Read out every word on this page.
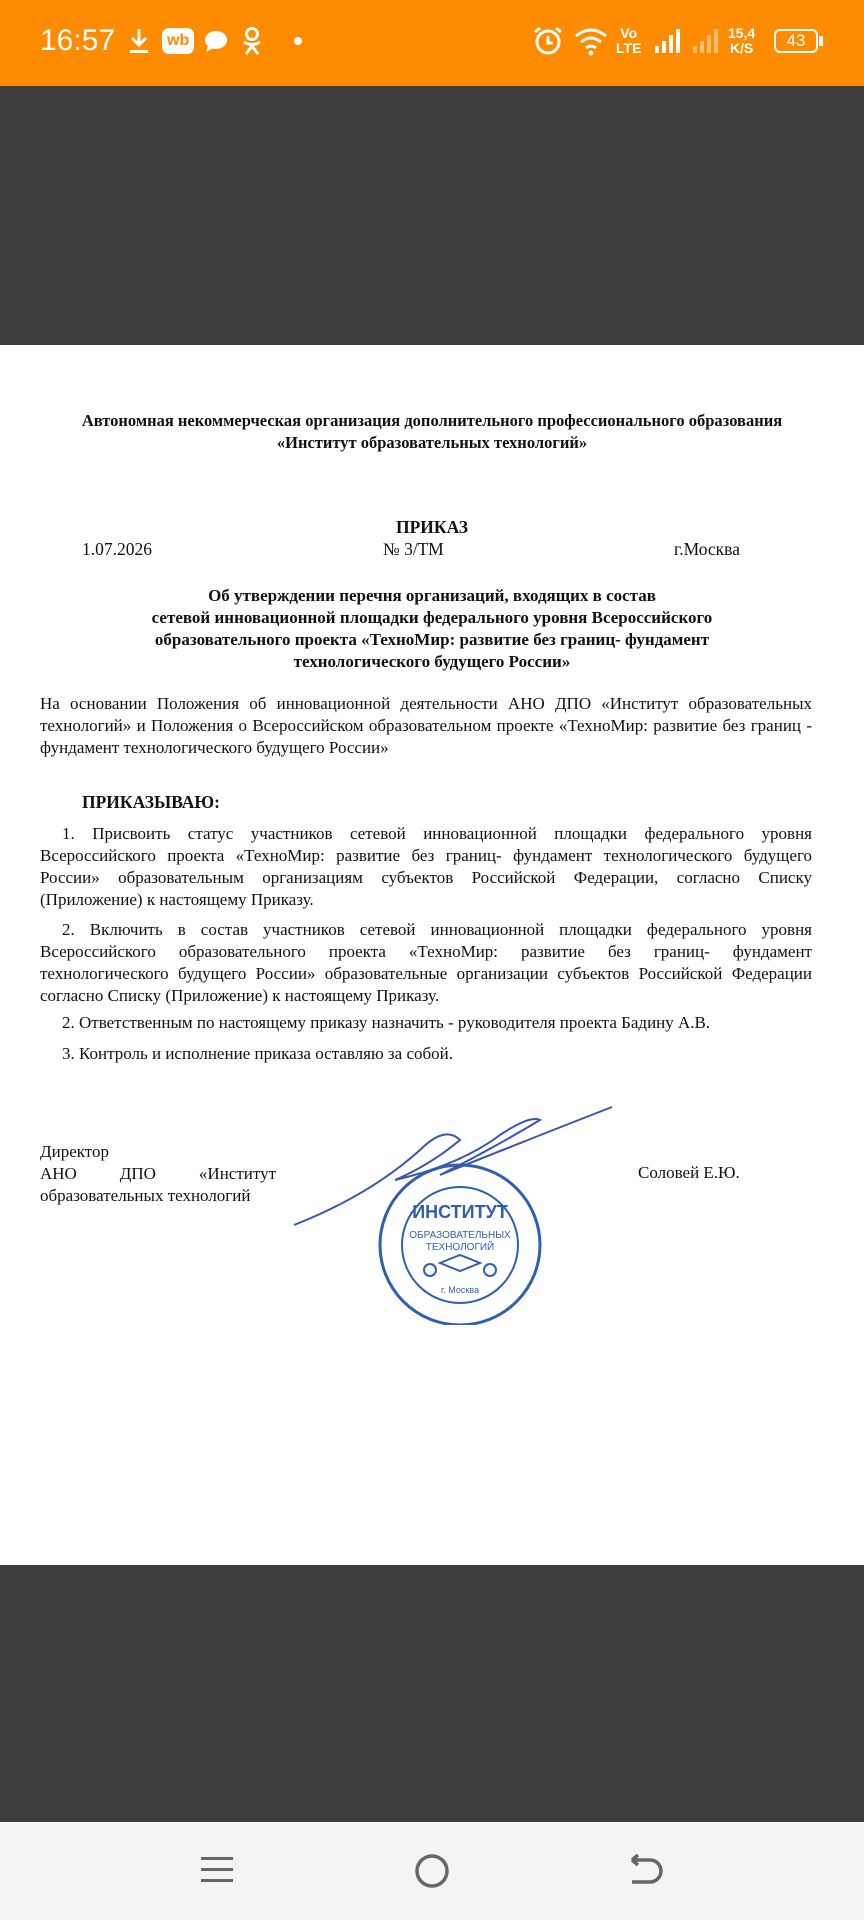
16:57	wb	Vo
LTE
15,4
K/S	43
Автономная некоммерческая организация дополнительного профессионального образования
«Институт образовательных технологий»
ПРИКАЗ
1.07.2026	№ 3/ТМ	г.Москва
Об утверждении перечня организаций, входящих в состав
сетевой инновационной площадки федерального уровня Всероссийского
образовательного проекта «ТехноМир: развитие без границ- фундамент
технологического будущего России»
На основании Положения об инновационной деятельности АНО ДПО «Институт образовательных технологий» и Положения о Всероссийском образовательном проекте «ТехноМир: развитие без границ - фундамент технологического будущего России»
ПРИКАЗЫВАЮ:
1. Присвоить статус участников сетевой инновационной площадки федерального уровня Всероссийского проекта «ТехноМир: развитие без границ- фундамент технологического будущего России» образовательным организациям субъектов Российской Федерации, согласно Списку (Приложение) к настоящему Приказу.
2. Включить в состав участников сетевой инновационной площадки федерального уровня Всероссийского образовательного проекта «ТехноМир: развитие без границ- фундамент технологического будущего России» образовательные организации субъектов Российской Федерации согласно Списку (Приложение) к настоящему Приказу.
2. Ответственным по настоящему приказу назначить - руководителя проекта Бадину А.В.
3. Контроль и исполнение приказа оставляю за собой.
Директор
АНО ДПО «Институт образовательных технологий
Соловей Е.Ю.
ИНСТИТУТ
ОБРАЗОВАТЕЛЬНЫХ
ТЕХНОЛОГИЙ
г. Москва
